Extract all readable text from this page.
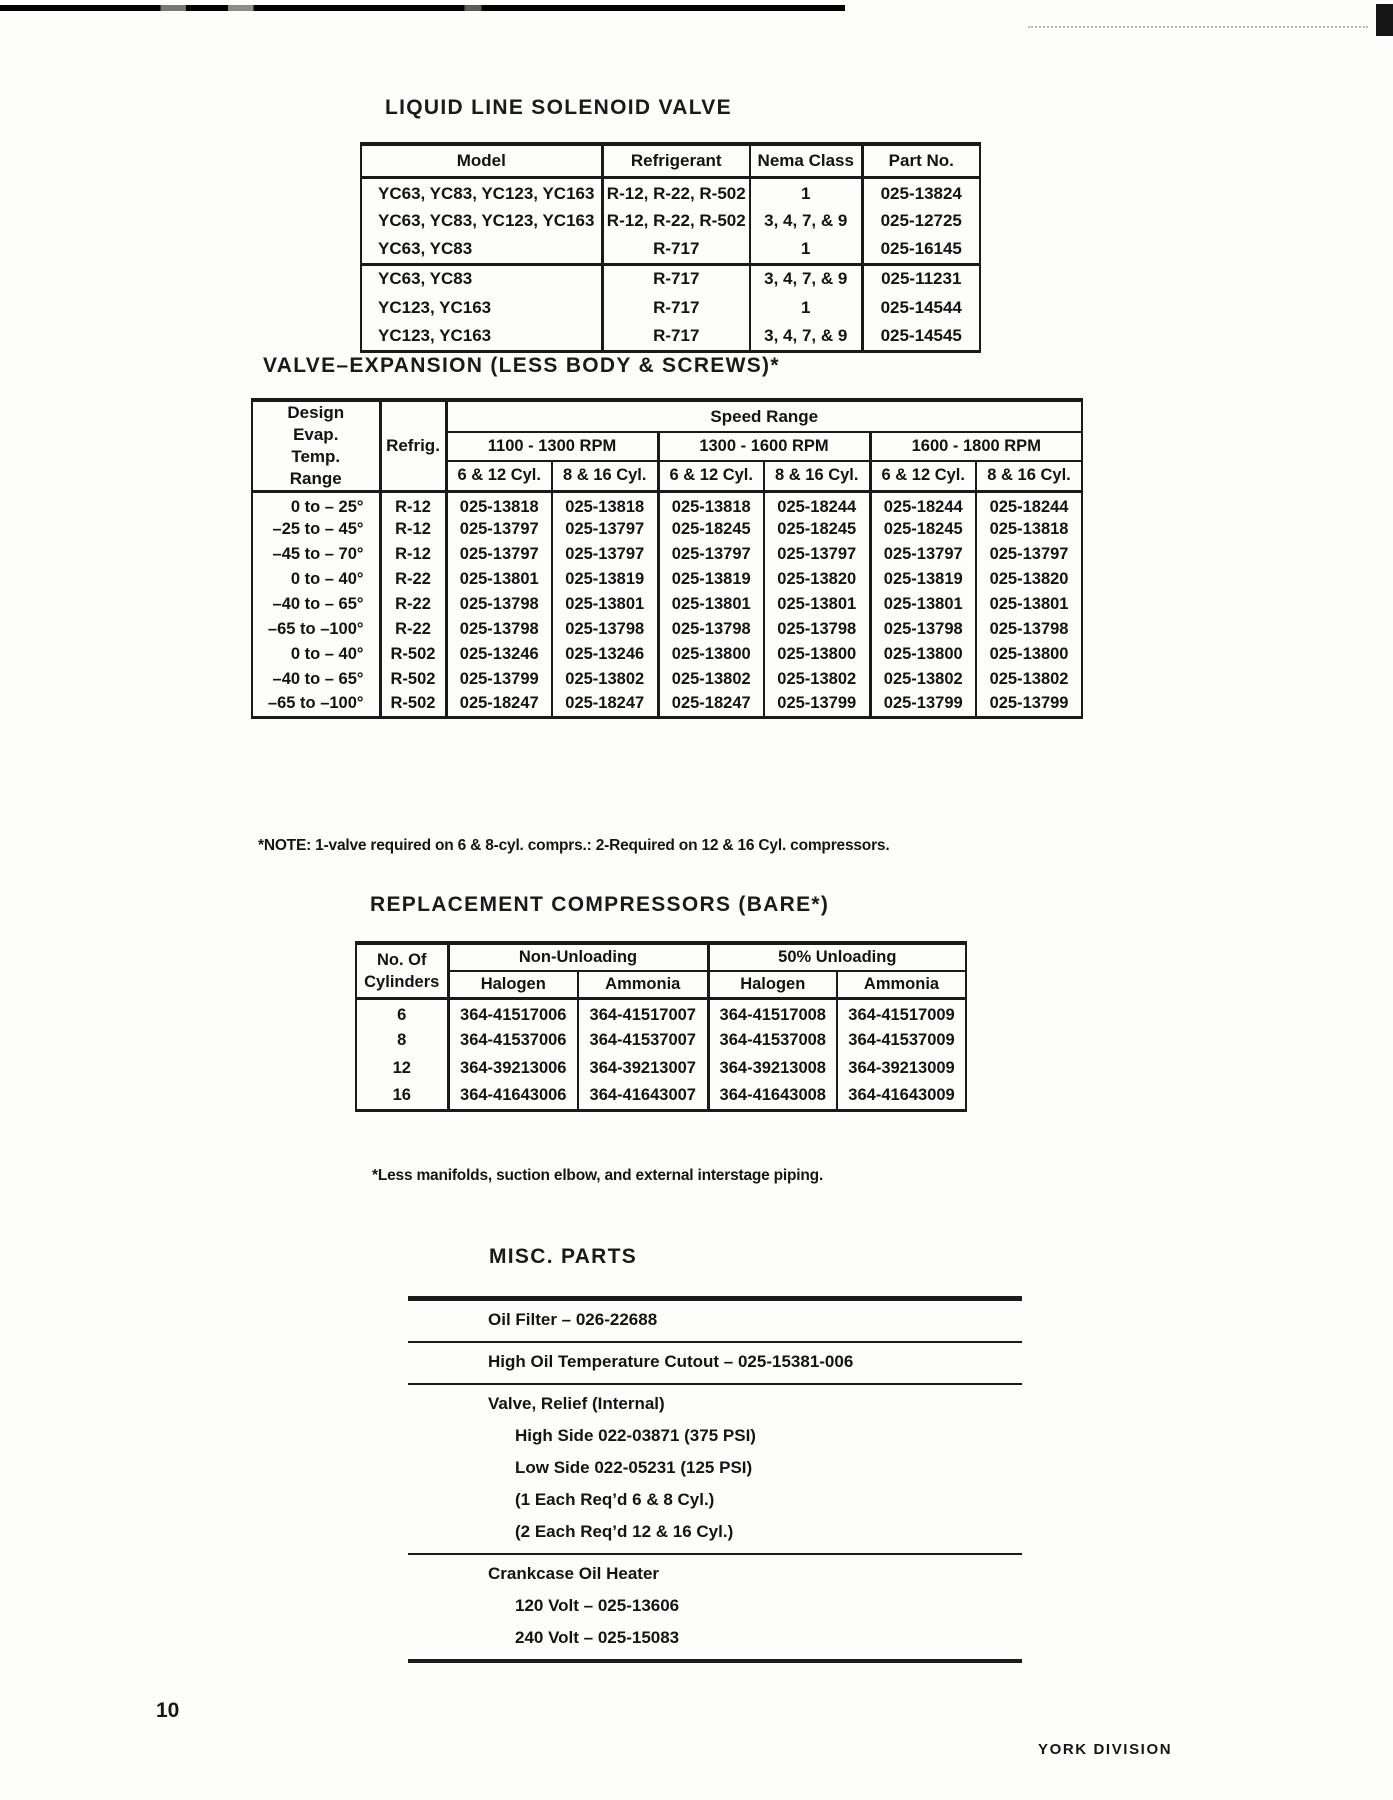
LIQUID LINE SOLENOID VALVE
Model	Refrigerant	Nema Class	Part No.
YC63, YC83, YC123, YC163	R-12, R-22, R-502	1	025-13824
YC63, YC83, YC123, YC163	R-12, R-22, R-502	3, 4, 7, & 9	025-12725
YC63, YC83	R-717	1	025-16145
YC63, YC83	R-717	3, 4, 7, & 9	025-11231
YC123, YC163	R-717	1	025-14544
YC123, YC163	R-717	3, 4, 7, & 9	025-14545
VALVE–EXPANSION (LESS BODY & SCREWS)*
Design Evap. Temp. Range	Refrig.	Speed Range					
		1100 - 1300 RPM		1300 - 1600 RPM		1600 - 1800 RPM	
		6 & 12 Cyl.	8 & 16 Cyl.	6 & 12 Cyl.	8 & 16 Cyl.	6 & 12 Cyl.	8 & 16 Cyl.
0 to – 25°	R-12	025-13818	025-13818	025-13818	025-18244	025-18244	025-18244
–25 to – 45°	R-12	025-13797	025-13797	025-18245	025-18245	025-18245	025-13818
–45 to – 70°	R-12	025-13797	025-13797	025-13797	025-13797	025-13797	025-13797
0 to – 40°	R-22	025-13801	025-13819	025-13819	025-13820	025-13819	025-13820
–40 to – 65°	R-22	025-13798	025-13801	025-13801	025-13801	025-13801	025-13801
–65 to –100°	R-22	025-13798	025-13798	025-13798	025-13798	025-13798	025-13798
0 to – 40°	R-502	025-13246	025-13246	025-13800	025-13800	025-13800	025-13800
–40 to – 65°	R-502	025-13799	025-13802	025-13802	025-13802	025-13802	025-13802
–65 to –100°	R-502	025-18247	025-18247	025-18247	025-13799	025-13799	025-13799
*NOTE: 1-valve required on 6 & 8-cyl. comprs.: 2-Required on 12 & 16 Cyl. compressors.
REPLACEMENT COMPRESSORS (BARE*)
No. Of Cylinders	Non-Unloading		50% Unloading	
	Halogen	Ammonia	Halogen	Ammonia
6	364-41517006	364-41517007	364-41517008	364-41517009
8	364-41537006	364-41537007	364-41537008	364-41537009
12	364-39213006	364-39213007	364-39213008	364-39213009
16	364-41643006	364-41643007	364-41643008	364-41643009
*Less manifolds, suction elbow, and external interstage piping.
MISC. PARTS
Oil Filter – 026-22688
High Oil Temperature Cutout – 025-15381-006
Valve, Relief (Internal)
High Side 022-03871 (375 PSI)
Low Side 022-05231 (125 PSI)
(1 Each Req’d 6 & 8 Cyl.)
(2 Each Req’d 12 & 16 Cyl.)
Crankcase Oil Heater
120 Volt – 025-13606
240 Volt – 025-15083
10
YORK DIVISION
